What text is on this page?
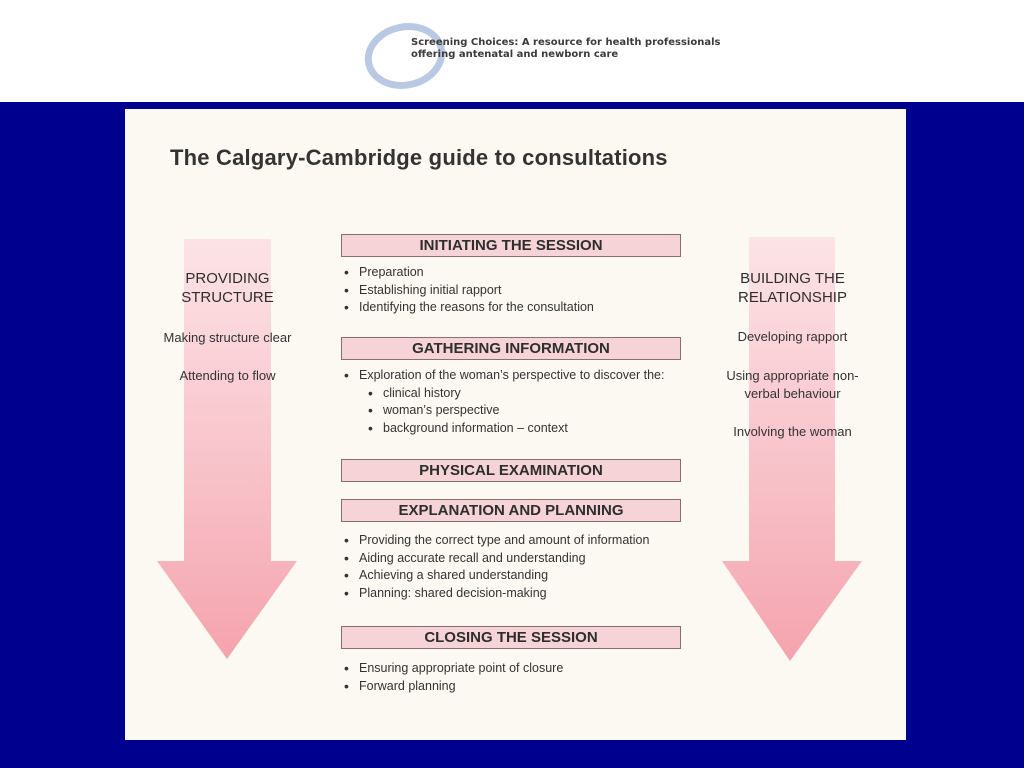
Screening Choices: A resource for health professionals
offering antenatal and newborn care
The Calgary-Cambridge guide to consultations
PROVIDING
STRUCTURE
Making structure clear
Attending to flow
BUILDING THE
RELATIONSHIP
Developing rapport
Using appropriate non-
verbal behaviour
Involving the woman
INITIATING THE SESSION
• Preparation
• Establishing initial rapport
• Identifying the reasons for the consultation
GATHERING INFORMATION
• Exploration of the woman’s perspective to discover the:
• clinical history
• woman’s perspective
• background information – context
PHYSICAL EXAMINATION
EXPLANATION AND PLANNING
• Providing the correct type and amount of information
• Aiding accurate recall and understanding
• Achieving a shared understanding
• Planning: shared decision-making
CLOSING THE SESSION
• Ensuring appropriate point of closure
• Forward planning
